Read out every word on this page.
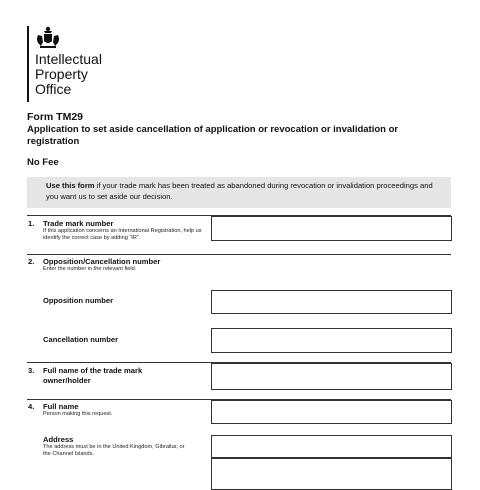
Intellectual
Property
Office
Form TM29
Application to set aside cancellation of application or revocation or invalidation or registration
No Fee
Use this form if your trade mark has been treated as abandoned during revocation or invalidation proceedings and you want us to set aside our decision.
1. Trade mark number
If this application concerns an International Registration, help us identify the correct case by adding “IR”.
2. Opposition/Cancellation number
Enter the number in the relevant field.
Opposition number
Cancellation number
3. Full name of the trade mark
owner/holder
4. Full name
Person making this request.
Address
The address must be in the United Kingdom, Gibraltar, or the Channel Islands.
